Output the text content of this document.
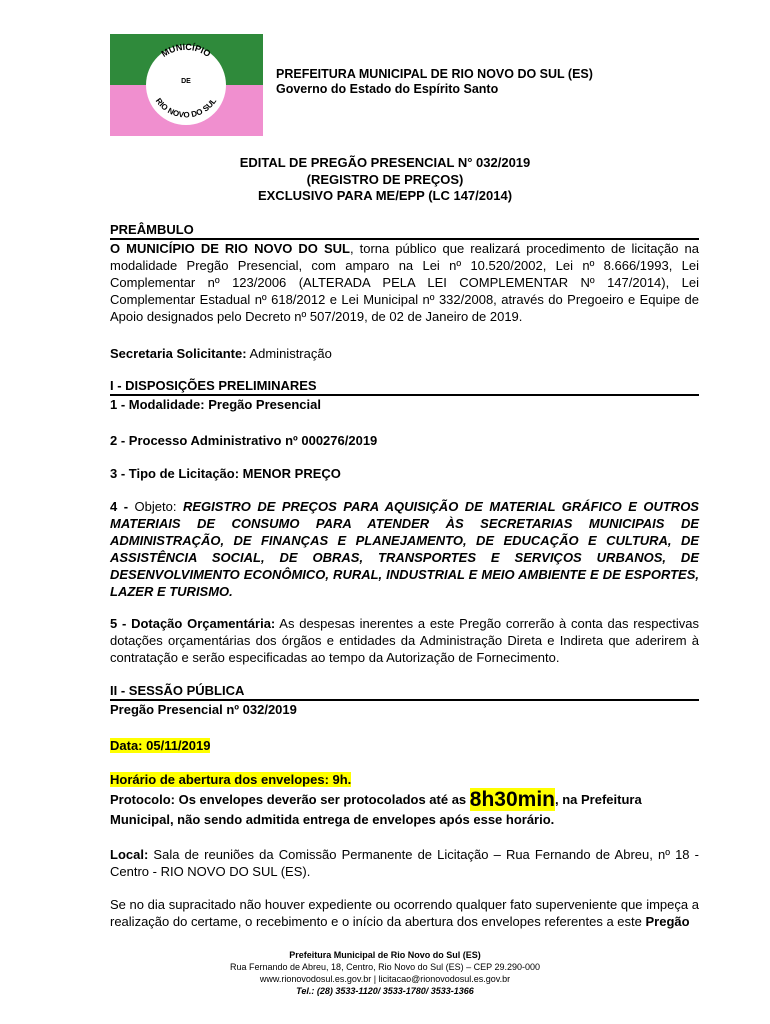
MUNICÍPIO
DE
RIO NOVO DO SUL
PREFEITURA MUNICIPAL DE RIO NOVO DO SUL (ES)
Governo do Estado do Espírito Santo
EDITAL DE PREGÃO PRESENCIAL N° 032/2019
(REGISTRO DE PREÇOS)
EXCLUSIVO PARA ME/EPP (LC 147/2014)
PREÂMBULO
O MUNICÍPIO DE RIO NOVO DO SUL, torna público que realizará procedimento de licitação na modalidade Pregão Presencial, com amparo na Lei nº 10.520/2002, Lei nº 8.666/1993, Lei Complementar nº 123/2006 (ALTERADA PELA LEI COMPLEMENTAR Nº 147/2014), Lei Complementar Estadual nº 618/2012 e Lei Municipal nº 332/2008, através do Pregoeiro e Equipe de Apoio designados pelo Decreto nº 507/2019, de 02 de Janeiro de 2019.
Secretaria Solicitante: Administração
I - DISPOSIÇÕES PRELIMINARES
1 - Modalidade: Pregão Presencial
2 - Processo Administrativo nº 000276/2019
3 - Tipo de Licitação: MENOR PREÇO
4 - Objeto: REGISTRO DE PREÇOS PARA AQUISIÇÃO DE MATERIAL GRÁFICO E OUTROS MATERIAIS DE CONSUMO PARA ATENDER ÀS SECRETARIAS MUNICIPAIS DE ADMINISTRAÇÃO, DE FINANÇAS E PLANEJAMENTO, DE EDUCAÇÃO E CULTURA, DE ASSISTÊNCIA SOCIAL, DE OBRAS, TRANSPORTES E SERVIÇOS URBANOS, DE DESENVOLVIMENTO ECONÔMICO, RURAL, INDUSTRIAL E MEIO AMBIENTE E DE ESPORTES, LAZER E TURISMO.
5 - Dotação Orçamentária: As despesas inerentes a este Pregão correrão à conta das respectivas dotações orçamentárias dos órgãos e entidades da Administração Direta e Indireta que aderirem à contratação e serão especificadas ao tempo da Autorização de Fornecimento.
II - SESSÃO PÚBLICA
Pregão Presencial nº 032/2019
Data: 05/11/2019
Horário de abertura dos envelopes: 9h.
Protocolo: Os envelopes deverão ser protocolados até as 8h30min, na Prefeitura Municipal, não sendo admitida entrega de envelopes após esse horário.
Local: Sala de reuniões da Comissão Permanente de Licitação – Rua Fernando de Abreu, nº 18 - Centro - RIO NOVO DO SUL (ES).
Se no dia supracitado não houver expediente ou ocorrendo qualquer fato superveniente que impeça a realização do certame, o recebimento e o início da abertura dos envelopes referentes a este Pregão
Prefeitura Municipal de Rio Novo do Sul (ES)
Rua Fernando de Abreu, 18, Centro, Rio Novo do Sul (ES) – CEP 29.290-000
www.rionovodosul.es.gov.br | licitacao@rionovodosul.es.gov.br
Tel.: (28) 3533-1120/ 3533-1780/ 3533-1366
